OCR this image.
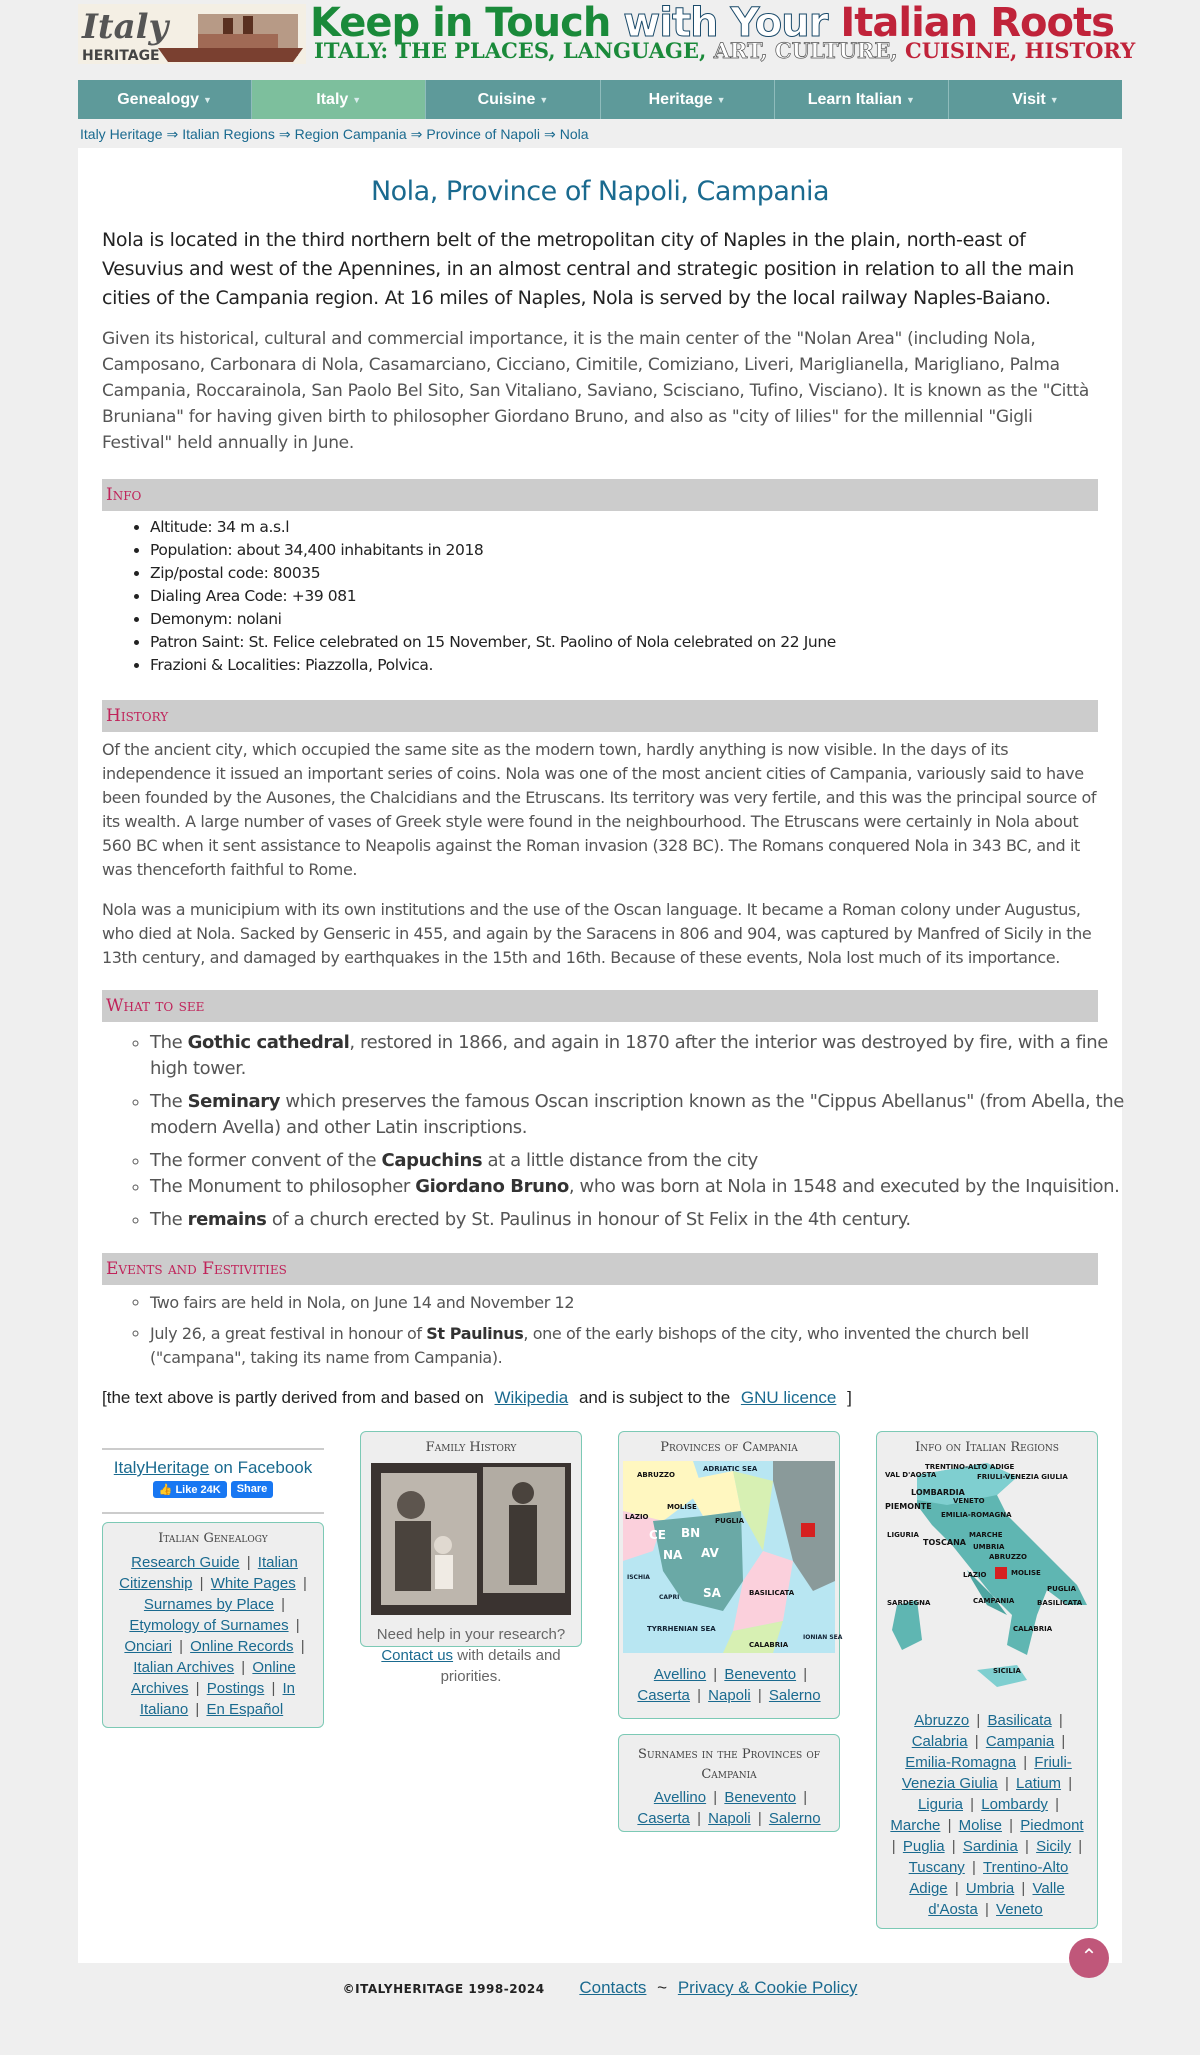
Italy
HERITAGE
Keep in Touch with Your Italian Roots
ITALY: THE PLACES, LANGUAGE, ART, CULTURE, CUISINE, HISTORY
Genealogy ▼	Italy ▼	Cuisine ▼	Heritage ▼	Learn Italian ▼	Visit ▼
Italy Heritage ⇒ Italian Regions ⇒ Region Campania ⇒ Province of Napoli ⇒ Nola
Nola, Province of Napoli, Campania

Nola is located in the third northern belt of the metropolitan city of Naples in the plain, north-east of Vesuvius and west of the Apennines, in an almost central and strategic position in relation to all the main cities of the Campania region. At 16 miles of Naples, Nola is served by the local railway Naples-Baiano.

Given its historical, cultural and commercial importance, it is the main center of the "Nolan Area" (including Nola, Camposano, Carbonara di Nola, Casamarciano, Cicciano, Cimitile, Comiziano, Liveri, Mariglianella, Marigliano, Palma Campania, Roccarainola, San Paolo Bel Sito, San Vitaliano, Saviano, Scisciano, Tufino, Visciano). It is known as the "Città Bruniana" for having given birth to philosopher Giordano Bruno, and also as "city of lilies" for the millennial "Gigli Festival" held annually in June.

Info
• Altitude: 34 m a.s.l
• Population: about 34,400 inhabitants in 2018
• Zip/postal code: 80035
• Dialing Area Code: +39 081
• Demonym: nolani
• Patron Saint: St. Felice celebrated on 15 November, St. Paolino of Nola celebrated on 22 June
• Frazioni & Localities: Piazzolla, Polvica.
History

Of the ancient city, which occupied the same site as the modern town, hardly anything is now visible. In the days of its independence it issued an important series of coins. Nola was one of the most ancient cities of Campania, variously said to have been founded by the Ausones, the Chalcidians and the Etruscans. Its territory was very fertile, and this was the principal source of its wealth. A large number of vases of Greek style were found in the neighbourhood. The Etruscans were certainly in Nola about 560 BC when it sent assistance to Neapolis against the Roman invasion (328 BC). The Romans conquered Nola in 343 BC, and it was thenceforth faithful to Rome.

Nola was a municipium with its own institutions and the use of the Oscan language. It became a Roman colony under Augustus, who died at Nola. Sacked by Genseric in 455, and again by the Saracens in 806 and 904, was captured by Manfred of Sicily in the 13th century, and damaged by earthquakes in the 15th and 16th. Because of these events, Nola lost much of its importance.

What to see
◦ The Gothic cathedral, restored in 1866, and again in 1870 after the interior was destroyed by fire, with a fine high tower.
◦ The Seminary which preserves the famous Oscan inscription known as the "Cippus Abellanus" (from Abella, the modern Avella) and other Latin inscriptions.
◦ The former convent of the Capuchins at a little distance from the city
◦ The Monument to philosopher Giordano Bruno, who was born at Nola in 1548 and executed by the Inquisition.
◦ The remains of a church erected by St. Paulinus in honour of St Felix in the 4th century.
Events and Festivities
◦ Two fairs are held in Nola, on June 14 and November 12
◦ July 26, a great festival in honour of St Paulinus, one of the early bishops of the city, who invented the church bell ("campana", taking its name from Campania).

[the text above is partly derived from and based on Wikipedia and is subject to the GNU licence ]

ItalyHeritage on Facebook
👍 Like 24K	Share
Italian Genealogy
Research Guide | Italian Citizenship | White Pages | Surnames by Place | Etymology of Surnames | Onciari | Online Records | Italian Archives | Online Archives | Postings | In Italiano | En Español
Family History
Need help in your research?
Contact us with details and priorities.
Provinces of Campania
ABRUZZO
ADRIATIC SEA
MOLISE
LAZIO	PUGLIA
CE BN
NA AV
ISCHIA
SA
CAPRI
BASILICATA
TYRRHENIAN SEA
CALABRIA
IONIAN SEA
Avellino | Benevento | Caserta | Napoli | Salerno
Surnames in the Provinces of Campania
Avellino | Benevento | Caserta | Napoli | Salerno
Info on Italian Regions
VAL D'AOSTA
TRENTINO-ALTO ADIGE
FRIULI-VENEZIA GIULIA
LOMBARDIA
VENETO
PIEMONTE
EMILIA-ROMAGNA
LIGURIA
TOSCANA
MARCHE
UMBRIA
ABRUZZO
LAZIO	MOLISE
PUGLIA
SARDEGNA	CAMPANIA	BASILICATA
CALABRIA
SICILIA
Abruzzo | Basilicata | Calabria | Campania | Emilia-Romagna | Friuli-Venezia Giulia | Latium | Liguria | Lombardy | Marche | Molise | Piedmont | Puglia | Sardinia | Sicily | Tuscany | Trentino-Alto Adige | Umbria | Valle d'Aosta | Veneto
⌃
©ITALYHERITAGE 1998-2024 Contacts ~ Privacy & Cookie Policy
